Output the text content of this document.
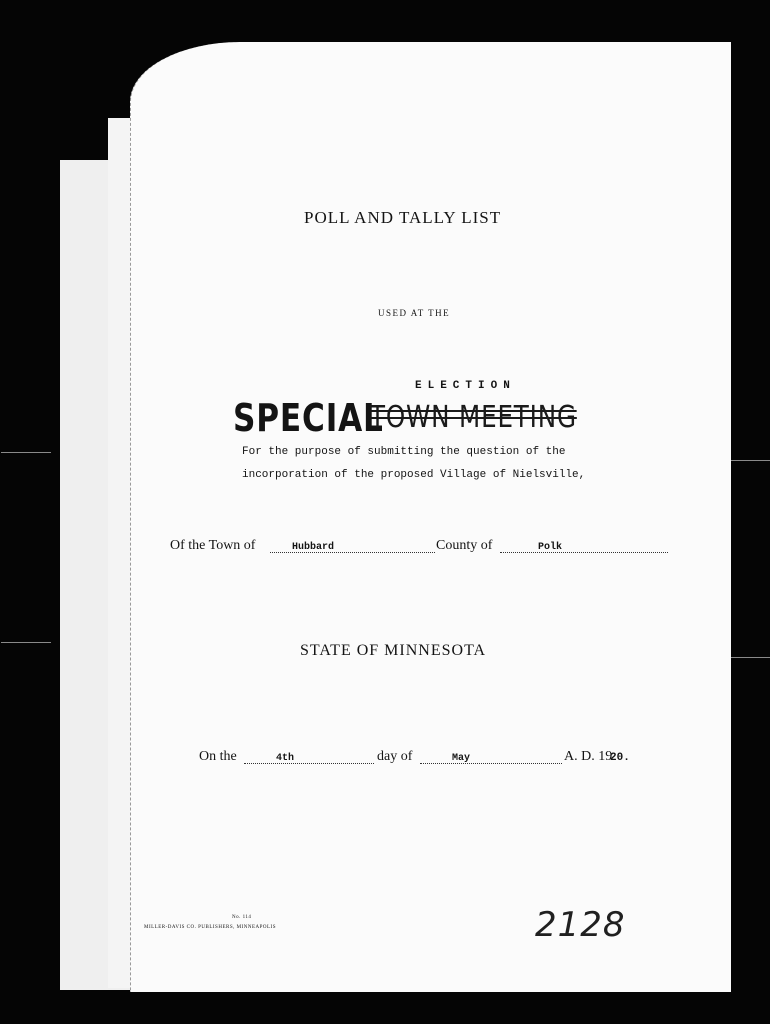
POLL AND TALLY LIST
USED AT THE
ELECTION
SPECIAL
TOWN MEETING
For the purpose of submitting the question of the
incorporation of the proposed Village of Nielsville,
Of the Town of	Hubbard	County of	Polk
STATE OF MINNESOTA
On the	4th	day of	May	A. D. 19
20.
No. 114
MILLER-DAVIS CO. PUBLISHERS, MINNEAPOLIS	2128
